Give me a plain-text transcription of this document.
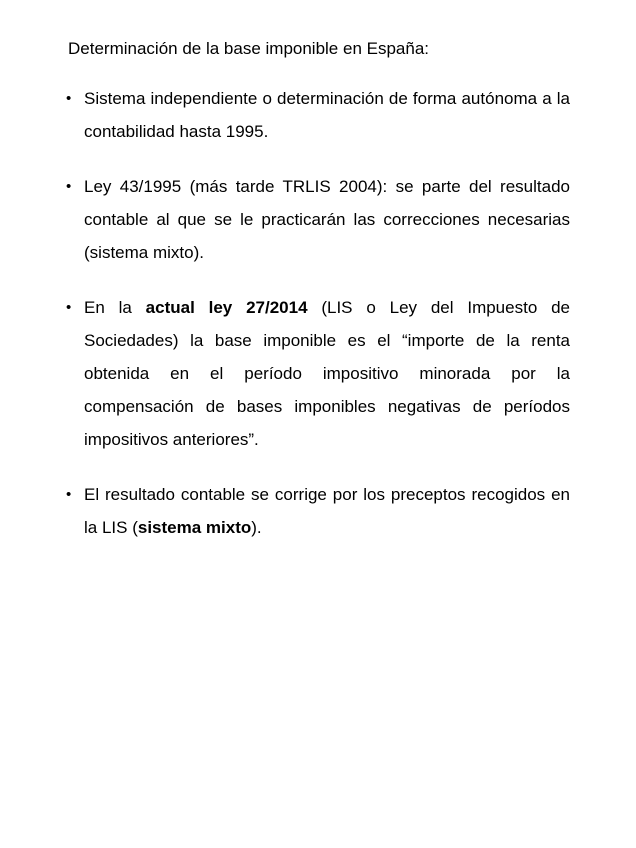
Determinación de la base imponible en España:
• Sistema independiente o determinación de forma autónoma a la contabilidad hasta 1995.
• Ley 43/1995 (más tarde TRLIS 2004): se parte del resultado contable al que se le practicarán las correcciones necesarias (sistema mixto).
• En la actual ley 27/2014 (LIS o Ley del Impuesto de Sociedades) la base imponible es el “importe de la renta obtenida en el período impositivo minorada por la compensación de bases imponibles negativas de períodos impositivos anteriores”.
• El resultado contable se corrige por los preceptos recogidos en la LIS (sistema mixto).
